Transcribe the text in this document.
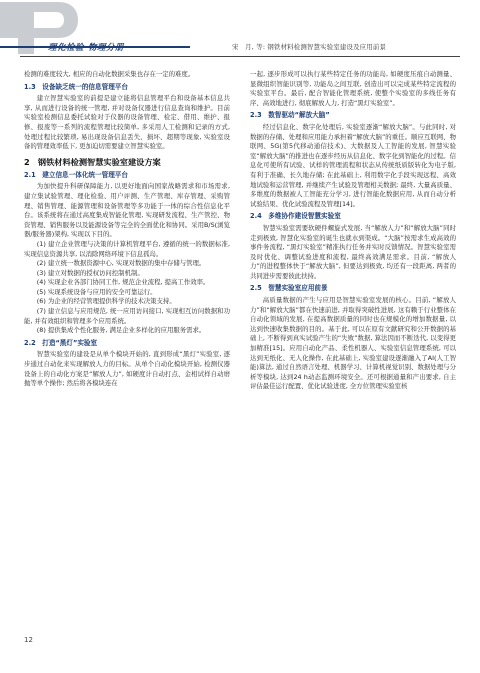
理化检验-物理分册	宋　月, 等: 钢铁材料检测智慧实验室建设及应用前景
检测的难度较大, 相应的自动化数据采集也存在一定的难度。
1.3　设备缺乏统一的信息管理平台
建立智慧实验室的前提是建立能将信息管理平台和设备基本信息共享, 从而进行设备的统一管理, 并对设备仪器进行信息查询和维护。目前实验室检测信息委托试验对于仪器的设备管理、检定、借用、维护、报修、报废等一系列的流程管理比较简单, 多采用人工检测和记录的方式, 处理过程比较繁琐, 易出现设备信息丢失、损坏、超期等现象, 实验室设备的管理效率低下, 更加迫切需要建立智慧实验室。
2　钢铁材料检测智慧实验室建设方案
2.1　建立信息一体化统一管理平台
为加快提升科研保障能力, 以更好地面向国家战略需求和市场需求, 建立集试验管理、理化检验、用户评测、生产管理、库存管理、采购管理、销售管理、能源管理和设备管理等多功能于一体的综合性信息化平台。该系统将在通过高度集成智能化管理, 实现研发流程、生产管控、物资管理、销售服务以及能源设备等完全的全面优化和协同。采用B/S(浏览器/服务器)架构, 实现以下目的。
(1) 建立企业管理与决策的计算机管理平台, 遵循的统一的数据标准, 实现信息资源共享, 以消除网络环境下信息孤岛。
(2) 建立统一数据资源中心, 实现对数据的集中存储与管理。
(3) 建立对数据的授权访问控制机制。
(4) 实现企业各部门协同工作, 规范企业流程, 提高工作效率。
(5) 实现系统设备与应用的安全可靠运行。
(6) 为企业的经营管理提供科学的技术决策支持。
(7) 建立信息与应用规范, 统一应用访问接口, 实现相互访问数据和功能, 并有效组织和管理多个应用系统。
(8) 提供集成个性化服务, 满足企业多样化的应用服务需求。
2.2　打造“黑灯”实验室
智慧实验室的建设是从单个模块开始的, 直到形成“黑灯”实验室, 逐步通过自动化来实现解放人力的目标。从单个自动化模块开始, 检测仪器设备上的自动化方案是“解放人力”, 如硬度计自动打点、金相试样自动磨抛等单个操作; 然后将各模块连在
一起, 逐步形成可以执行某些特定任务的功能岛, 如硬度压痕自动测量、显微组织智能识别等, 功能岛之间互联, 创造出可以完成某些特定流程的实验室平台。最后, 配合智能化管理系统, 使整个实验室的多线任务有序、高效地进行, 彻底解放人力, 打造“黑灯实验室”。
2.3　数智驱动“解放大脑”
经过信息化、数字化处理后, 实验室逐渐“解放大脑”。与此同时, 对数据的存储、处理和应用能力承担着“解放大脑”的重任。顺应互联网、物联网、5G(第5代移动通信技术)、大数据及人工智能的发展, 智慧实验室“解放大脑”的推进也在逐步经历从信息化、数字化到智能化的过程。信息化可使所有试验、试样的管理流程和状态从传统纸质版转化为电子版, 有利于准确、长久地存储; 在此基础上, 利用数字化手段实现远程、高效地试验和运营管理, 并继续产生试验及管理相关数据; 最终, 大量高质量、多维度的数据被人工智能充分学习, 进行智能化数据应用, 从而自动分析试验结果、优化试验流程及管理[14]。
2.4　多维协作建设智慧实验室
智慧实验室需要软硬件螺旋式发展, 当“解放人力”和“解放大脑”同时走到极致, 智慧化实验室的诞生也就水到渠成。“大脑”按需求生成高效的事件务流程, “黑灯实验室”精准执行任务并实时反馈情况。智慧实验室需及时优化、调整试验进度和流程, 最终高效满足需求。目前, “解放人力”的进程整体快于“解放大脑”, 但要达到极致, 均还有一段距离, 两者的共同进步需要彼此扶持。
2.5　智慧实验室应用前景
高质量数据的产生与应用是智慧实验室发展的核心。目前, “解放人力”和“解放大脑”都在快速前进, 并取得突破性进展, 这有赖于行业整体在自动化领域的发展, 在提高数据质量的同时也在规模化的增加数据量, 以达到快速收集数据的目的。基于此, 可以在原有文献研究和公开数据的基础上, 不断得到真实试验产生的“失败”数据, 算法因而不断迭代, 以变得更加精准[15]。应用自动化产品、柔性机器人、实验室信息管理系统, 可以达到无纸化、无人化操作, 在此基础上, 实验室建设逐渐融入了AI(人工智能)算法, 通过自然语言处理、机器学习、计算机视觉识别、数据处理与分析等模块, 达到24 h动态监测环境安全。还可根据通量和产出要求, 自主评估最佳运行配置、优化试验进度, 全方位管理实验室核
12
